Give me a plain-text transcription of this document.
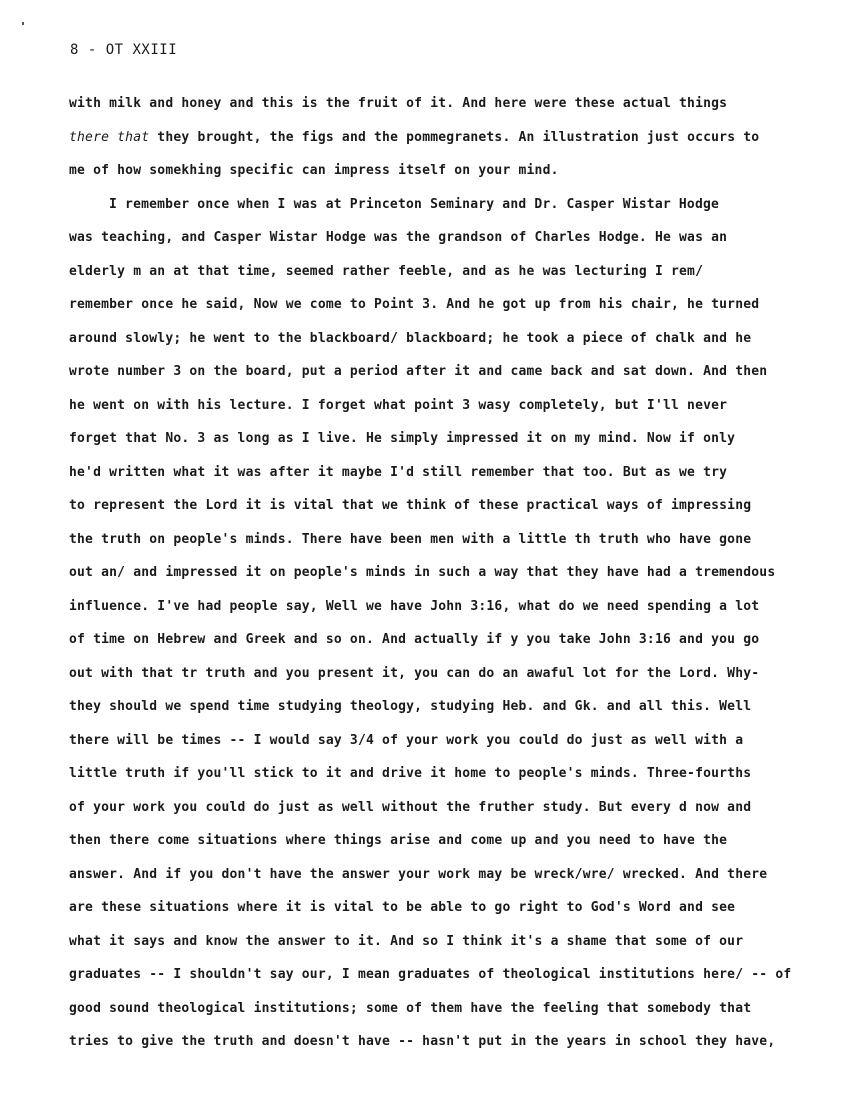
8 - OT XXIII
with milk and honey and this is the fruit of it. And here were these actual things
there that they brought, the figs and the pommegranets. An illustration just occurs to
me of how somekhing specific can impress itself on your mind.
I remember once when I was at Princeton Seminary and Dr. Casper Wistar Hodge
was teaching, and Casper Wistar Hodge was the grandson of Charles Hodge. He was an
elderly m an at that time, seemed rather feeble, and as he was lecturing I rem/
remember once he said, Now we come to Point 3. And he got up from his chair, he turned
around slowly; he went to the blackboard/ blackboard; he took a piece of chalk and he
wrote number 3 on the board, put a period after it and came back and sat down. And then
he went on with his lecture. I forget what point 3 wasy completely, but I'll never
forget that No. 3 as long as I live. He simply impressed it on my mind. Now if only
he'd written what it was after it maybe I'd still remember that too. But as we try
to represent the Lord it is vital that we think of these practical ways of impressing
the truth on people's minds. There have been men with a little th truth who have gone
out an/ and impressed it on people's minds in such a way that they have had a tremendous
influence. I've had people say, Well we have John 3:16, what do we need spending a lot
of time on Hebrew and Greek and so on. And actually if y you take John 3:16 and you go
out with that tr truth and you present it, you can do an awaful lot for the Lord. Why-
they should we spend time studying theology, studying Heb. and Gk. and all this. Well
there will be times -- I would say 3/4 of your work you could do just as well with a
little truth if you'll stick to it and drive it home to people's minds. Three-fourths
of your work you could do just as well without the fruther study. But every d now and
then there come situations where things arise and come up and you need to have the
answer. And if you don't have the answer your work may be wreck/wre/ wrecked. And there
are these situations where it is vital to be able to go right to God's Word and see
what it says and know the answer to it. And so I think it's a shame that some of our
graduates -- I shouldn't say our, I mean graduates of theological institutions here/ -- of
good sound theological institutions; some of them have the feeling that somebody that
tries to give the truth and doesn't have -- hasn't put in the years in school they have,
